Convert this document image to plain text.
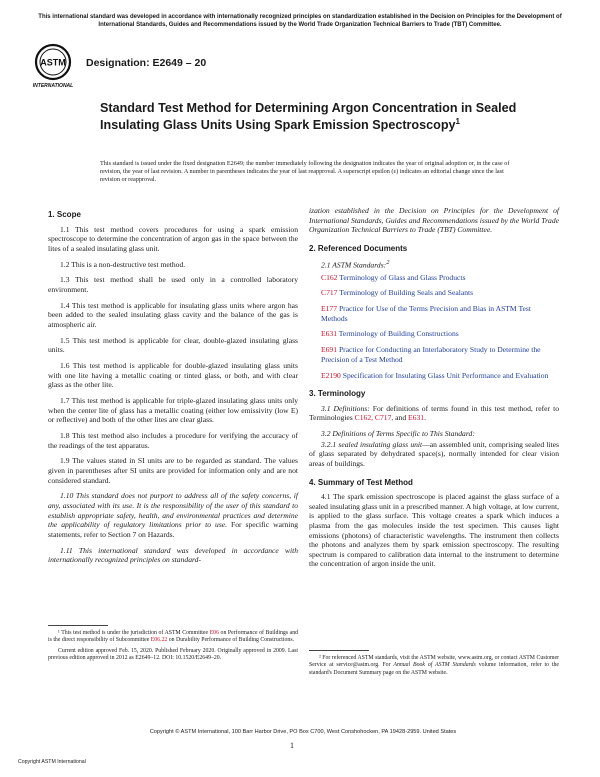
This international standard was developed in accordance with internationally recognized principles on standardization established in the Decision on Principles for the Development of International Standards, Guides and Recommendations issued by the World Trade Organization Technical Barriers to Trade (TBT) Committee.
ASTM
INTERNATIONAL
Designation: E2649 – 20
Standard Test Method for Determining Argon Concentration in Sealed Insulating Glass Units Using Spark Emission Spectroscopy$^1$
This standard is issued under the fixed designation E2649; the number immediately following the designation indicates the year of original adoption or, in the case of revision, the year of last revision. A number in parentheses indicates the year of last reapproval. A superscript epsilon (ε) indicates an editorial change since the last revision or reapproval.
1. Scope

1.1 This test method covers procedures for using a spark emission spectroscope to determine the concentration of argon gas in the space between the lites of a sealed insulating glass unit.

1.2 This is a non-destructive test method.

1.3 This test method shall be used only in a controlled laboratory environment.

1.4 This test method is applicable for insulating glass units where argon has been added to the sealed insulating glass cavity and the balance of the gas is atmospheric air.

1.5 This test method is applicable for clear, double-glazed insulating glass units.

1.6 This test method is applicable for double-glazed insulating glass units with one lite having a metallic coating or tinted glass, or both, and with clear glass as the other lite.

1.7 This test method is applicable for triple-glazed insulating glass units only when the center lite of glass has a metallic coating (either low emissivity (low E) or reflective) and both of the other lites are clear glass.

1.8 This test method also includes a procedure for verifying the accuracy of the readings of the test apparatus.

1.9 The values stated in SI units are to be regarded as standard. The values given in parentheses after SI units are provided for information only and are not considered standard.

1.10 This standard does not purport to address all of the safety concerns, if any, associated with its use. It is the responsibility of the user of this standard to establish appropriate safety, health, and environmental practices and determine the applicability of regulatory limitations prior to use. For specific warning statements, refer to Section 7 on Hazards.

1.11 This international standard was developed in accordance with internationally recognized principles on standard-

ization established in the Decision on Principles for the Development of International Standards, Guides and Recommendations issued by the World Trade Organization Technical Barriers to Trade (TBT) Committee.

2. Referenced Documents

2.1 ASTM Standards:$^2$

C162 Terminology of Glass and Glass Products

C717 Terminology of Building Seals and Sealants

E177 Practice for Use of the Terms Precision and Bias in ASTM Test Methods

E631 Terminology of Building Constructions

E691 Practice for Conducting an Interlaboratory Study to Determine the Precision of a Test Method

E2190 Specification for Insulating Glass Unit Performance and Evaluation

3. Terminology

3.1 Definitions: For definitions of terms found in this test method, refer to Terminologies C162, C717, and E631.

3.2 Definitions of Terms Specific to This Standard:

3.2.1 sealed insulating glass unit—an assembled unit, comprising sealed lites of glass separated by dehydrated space(s), normally intended for clear vision areas of buildings.

4. Summary of Test Method

4.1 The spark emission spectroscope is placed against the glass surface of a sealed insulating glass unit in a prescribed manner. A high voltage, at low current, is applied to the glass surface. This voltage creates a spark which induces a plasma from the gas molecules inside the test specimen. This causes light emissions (photons) of characteristic wavelengths. The instrument then collects the photons and analyzes them by spark emission spectroscopy. The resulting spectrum is compared to calibration data internal to the instrument to determine the concentration of argon inside the unit.

¹ This test method is under the jurisdiction of ASTM Committee E06 on Performance of Buildings and is the direct responsibility of Subcommittee E06.22 on Durability Performance of Building Constructions.

Current edition approved Feb. 15, 2020. Published February 2020. Originally approved in 2009. Last previous edition approved in 2012 as E2649–12. DOI: 10.1520/E2649–20.	² For referenced ASTM standards, visit the ASTM website, www.astm.org, or contact ASTM Customer Service at service@astm.org. For Annual Book of ASTM Standards volume information, refer to the standard's Document Summary page on the ASTM website.

Copyright © ASTM International, 100 Barr Harbor Drive, PO Box C700, West Conshohocken, PA 19428-2959. United States
1
Copyright ASTM International
